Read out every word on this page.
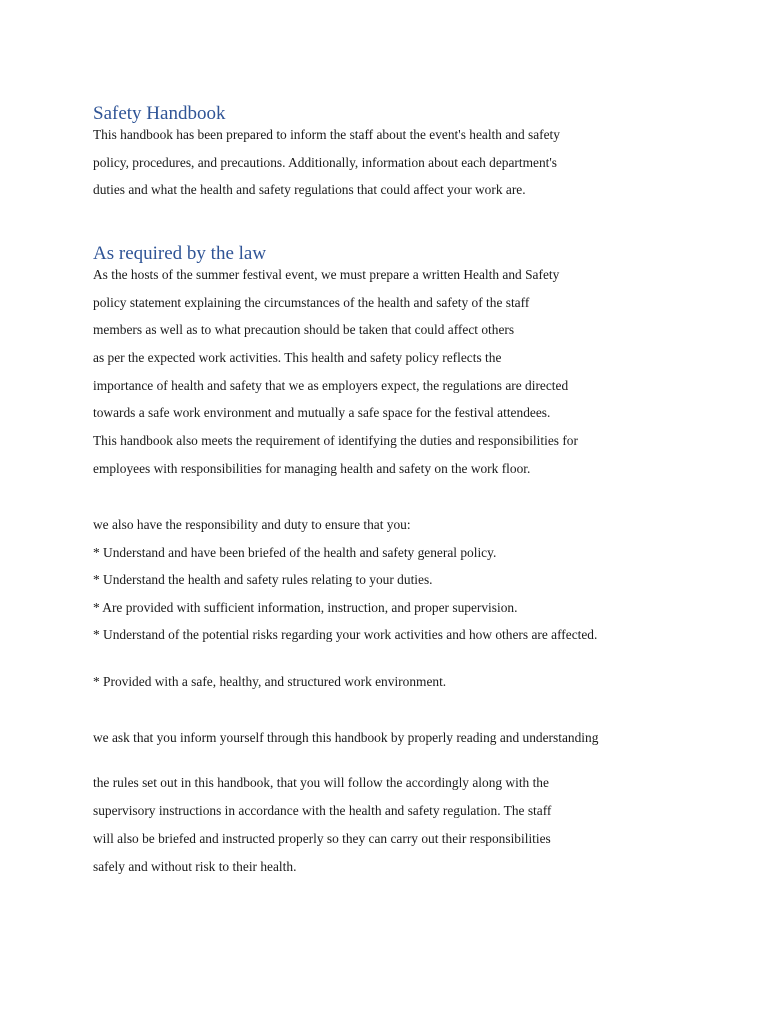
Safety Handbook

This handbook has been prepared to inform the staff about the event's health and safety

policy, procedures, and precautions. Additionally, information about each department's

duties and what the health and safety regulations that could affect your work are.

As required by the law

As the hosts of the summer festival event, we must prepare a written Health and Safety

policy statement explaining the circumstances of the health and safety of the staff

members as well as to what precaution should be taken that could affect others

as per the expected work activities. This health and safety policy reflects the

importance of health and safety that we as employers expect, the regulations are directed

towards a safe work environment and mutually a safe space for the festival attendees.

This handbook also meets the requirement of identifying the duties and responsibilities for

employees with responsibilities for managing health and safety on the work floor.

we also have the responsibility and duty to ensure that you:

* Understand and have been briefed of the health and safety general policy.

* Understand the health and safety rules relating to your duties.

* Are provided with sufficient information, instruction, and proper supervision.

* Understand of the potential risks regarding your work activities and how others are affected.

* Provided with a safe, healthy, and structured work environment.

we ask that you inform yourself through this handbook by properly reading and understanding

the rules set out in this handbook, that you will follow the accordingly along with the

supervisory instructions in accordance with the health and safety regulation. The staff

will also be briefed and instructed properly so they can carry out their responsibilities

safely and without risk to their health.
